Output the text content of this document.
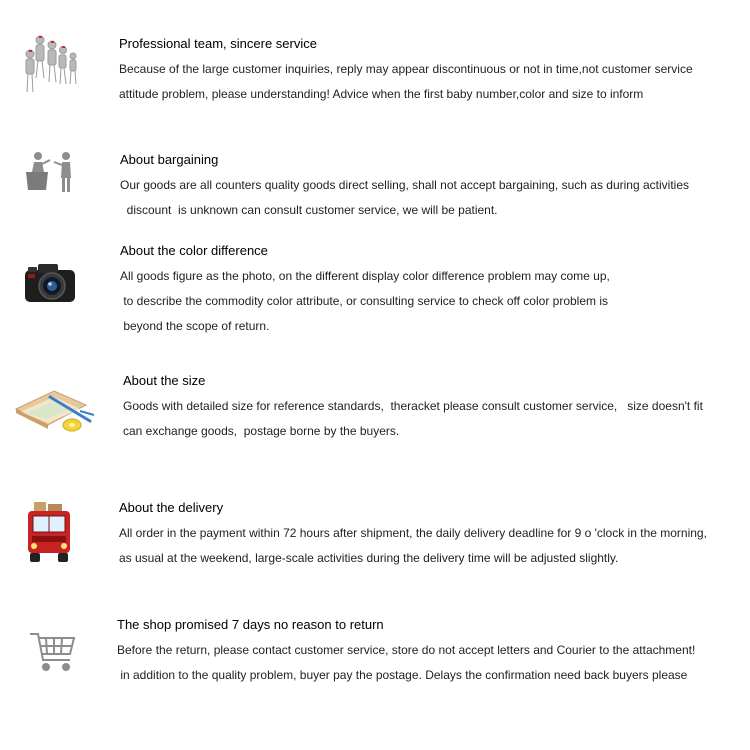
Professional team, sincere service
Because of the large customer inquiries, reply may appear discontinuous or not in time,not customer service
attitude problem, please understanding! Advice when the first baby number,color and size to inform
About bargaining
Our goods are all counters quality goods direct selling, shall not accept bargaining, such as during activities
discount  is unknown can consult customer service, we will be patient.
About the color difference
All goods figure as the photo, on the different display color difference problem may come up,
to describe the commodity color attribute, or consulting service to check off color problem is
beyond the scope of return.
About the size
Goods with detailed size for reference standards,  theracket please consult customer service,   size doesn't fit
can exchange goods,  postage borne by the buyers.
About the delivery
All order in the payment within 72 hours after shipment, the daily delivery deadline for 9 o 'clock in the morning,
as usual at the weekend, large-scale activities during the delivery time will be adjusted slightly.
The shop promised 7 days no reason to return
Before the return, please contact customer service, store do not accept letters and Courier to the attachment!
in addition to the quality problem, buyer pay the postage. Delays the confirmation need back buyers please
